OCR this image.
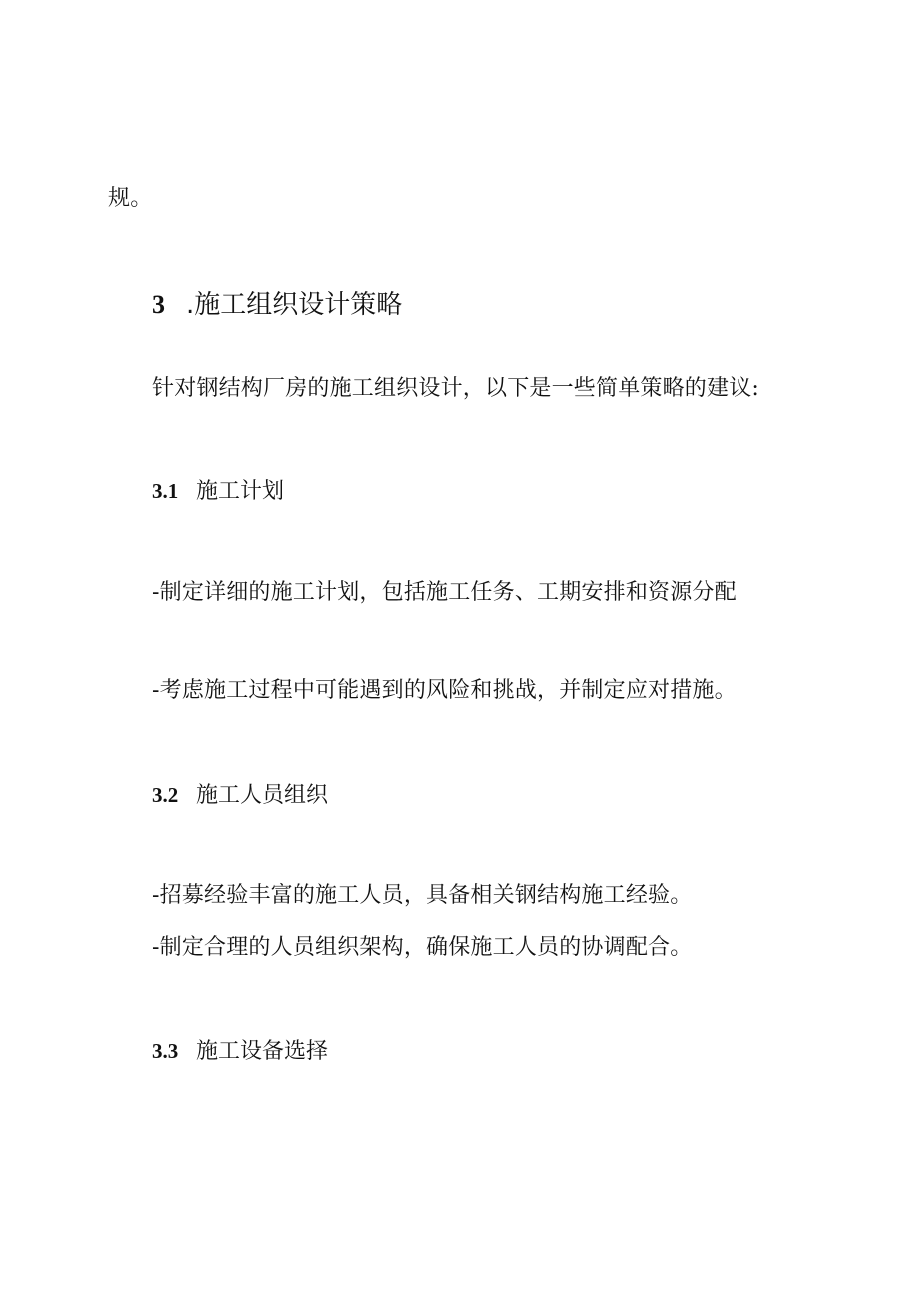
规。
3 .施工组织设计策略
针对钢结构厂房的施工组织设计，以下是一些简单策略的建议:
3.1 施工计划
-制定详细的施工计划，包括施工任务、工期安排和资源分配
-考虑施工过程中可能遇到的风险和挑战，并制定应对措施。
3.2 施工人员组织
-招募经验丰富的施工人员，具备相关钢结构施工经验。
-制定合理的人员组织架构，确保施工人员的协调配合。
3.3 施工设备选择
